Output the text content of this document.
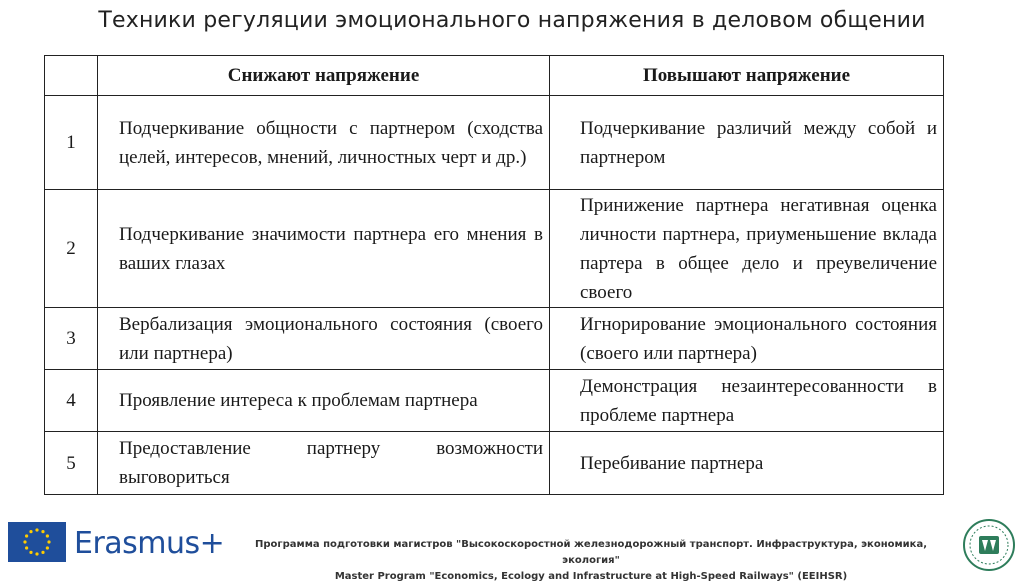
Техники регуляции эмоционального напряжения в деловом общении
	Снижают напряжение	Повышают напряжение
1	Подчеркивание общности с партнером (сходства целей, интересов, мнений, личностных черт и др.)	Подчеркивание различий между собой и партнером
2	Подчеркивание значимости партнера его мнения в ваших глазах	Принижение партнера негативная оценка личности партнера, приуменьшение вклада партера в общее дело и преувеличение своего
3	Вербализация эмоционального состояния (своего или партнера)	Игнорирование эмоционального состояния (своего или партнера)
4	Проявление интереса к проблемам партнера	Демонстрация незаинтересованности в проблеме партнера
5	Предоставление партнеру возможности выговориться	Перебивание партнера
Erasmus+	Программа подготовки магистров "Высокоскоростной железнодорожный транспорт. Инфраструктура, экономика, экология"
Master Program "Economics, Ecology and Infrastructure at High-Speed Railways" (EEIHSR)
